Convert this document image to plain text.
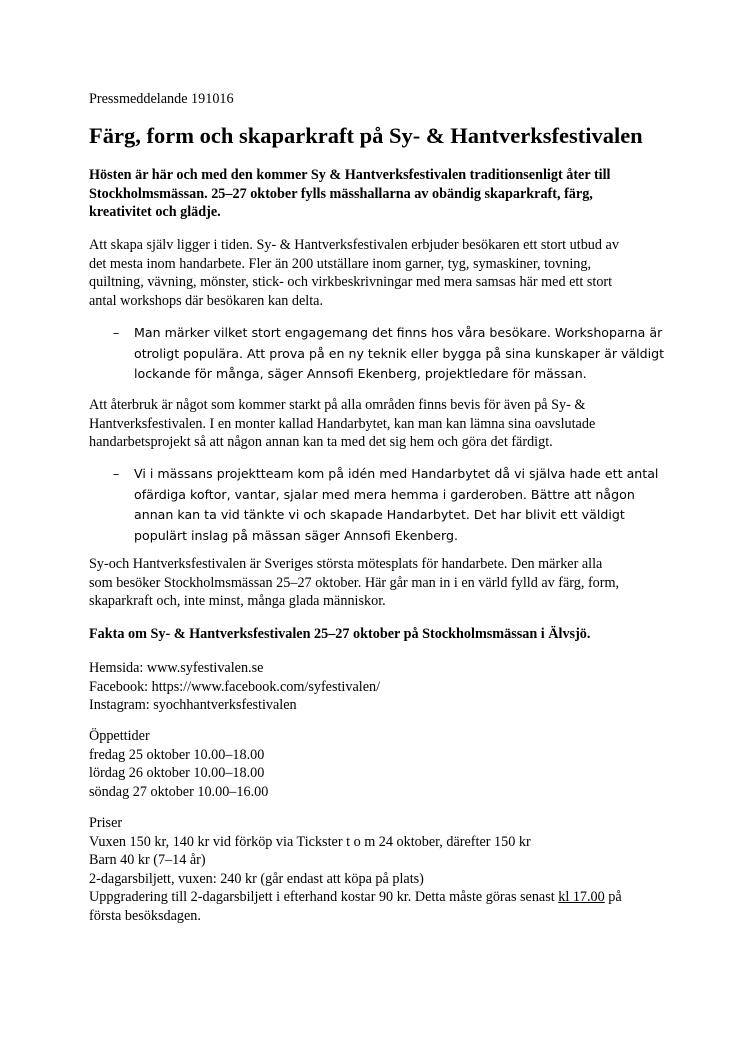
Pressmeddelande 191016
Färg, form och skaparkraft på Sy- & Hantverksfestivalen
Hösten är här och med den kommer Sy & Hantverksfestivalen traditionsenligt åter till
Stockholmsmässan. 25–27 oktober fylls mässhallarna av obändig skaparkraft, färg,
kreativitet och glädje.
Att skapa själv ligger i tiden. Sy- & Hantverksfestivalen erbjuder besökaren ett stort utbud av
det mesta inom handarbete. Fler än 200 utställare inom garner, tyg, symaskiner, tovning,
quiltning, vävning, mönster, stick- och virkbeskrivningar med mera samsas här med ett stort
antal workshops där besökaren kan delta.
– Man märker vilket stort engagemang det finns hos våra besökare. Workshoparna är
otroligt populära. Att prova på en ny teknik eller bygga på sina kunskaper är väldigt
lockande för många, säger Annsofi Ekenberg, projektledare för mässan.
Att återbruk är något som kommer starkt på alla områden finns bevis för även på Sy- &
Hantverksfestivalen. I en monter kallad Handarbytet, kan man kan lämna sina oavslutade
handarbetsprojekt så att någon annan kan ta med det sig hem och göra det färdigt.
– Vi i mässans projektteam kom på idén med Handarbytet då vi själva hade ett antal
ofärdiga koftor, vantar, sjalar med mera hemma i garderoben. Bättre att någon
annan kan ta vid tänkte vi och skapade Handarbytet. Det har blivit ett väldigt
populärt inslag på mässan säger Annsofi Ekenberg.
Sy-och Hantverksfestivalen är Sveriges största mötesplats för handarbete. Den märker alla
som besöker Stockholmsmässan 25–27 oktober. Här går man in i en värld fylld av färg, form,
skaparkraft och, inte minst, många glada människor.
Fakta om Sy- & Hantverksfestivalen 25–27 oktober på Stockholmsmässan i Älvsjö.
Hemsida: www.syfestivalen.se
Facebook: https://www.facebook.com/syfestivalen/
Instagram: syochhantverksfestivalen
Öppettider
fredag 25 oktober 10.00–18.00
lördag 26 oktober 10.00–18.00
söndag 27 oktober 10.00–16.00
Priser
Vuxen 150 kr, 140 kr vid förköp via Tickster t o m 24 oktober, därefter 150 kr
Barn 40 kr (7–14 år)
2-dagarsbiljett, vuxen: 240 kr (går endast att köpa på plats)
Uppgradering till 2-dagarsbiljett i efterhand kostar 90 kr. Detta måste göras senast kl 17.00 på
första besöksdagen.
